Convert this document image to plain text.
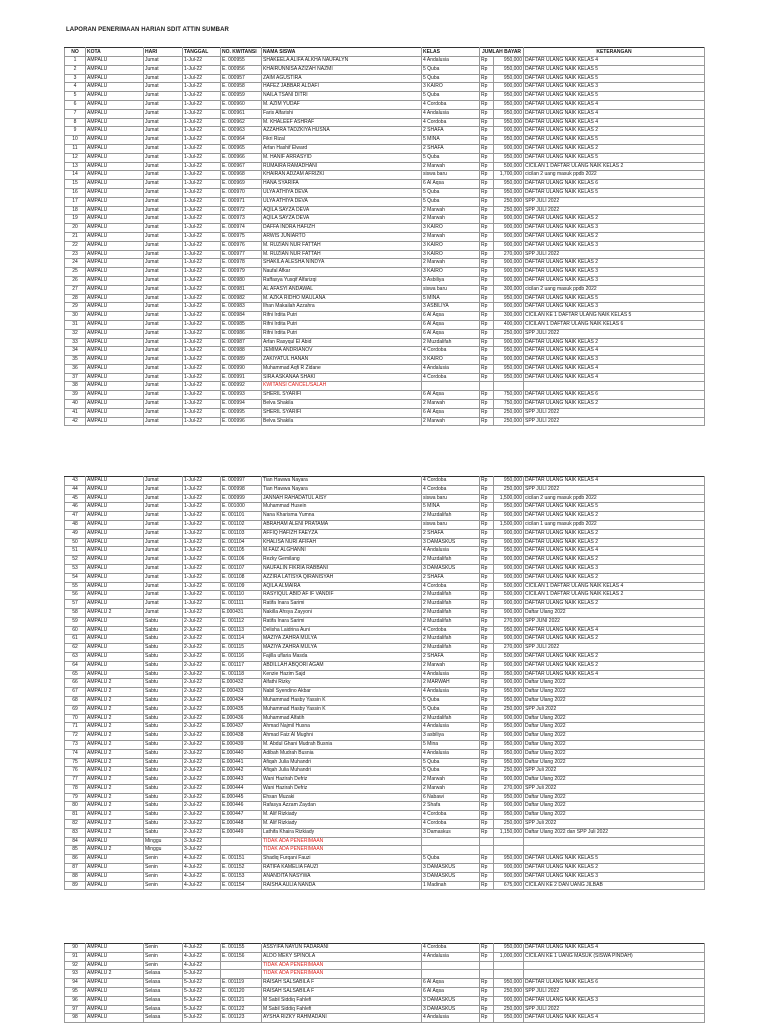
LAPORAN PENERIMAAN HARIAN SDIT ATTIN SUMBAR
NO	KOTA	HARI	TANGGAL	NO. KWITANSI	NAMA SISWA	KELAS	JUMLAH BAYAR		KETERANGAN
1	AMPALU	Jumat	1-Jul-22	E. 000955	SHAKEELA ALIFA ALKHA NAUFALYN	4 Andalusia	Rp	950,000	DAFTAR ULANG NAIK KELAS 4
2	AMPALU	Jumat	1-Jul-22	E. 000956	KHAIRUNNISA AZIZAH NAZMI	5 Quba	Rp	950,000	DAFTAR ULANG NAIK KELAS 5
3	AMPALU	Jumat	1-Jul-22	E. 000957	ZAIM AGUSTIRA	5 Quba	Rp	950,000	DAFTAR ULANG NAIK KELAS 5
4	AMPALU	Jumat	1-Jul-22	E. 000958	HAFEZ JABBAR ALDAFI	3 KAIRO	Rp	900,000	DAFTAR ULANG NAIK KELAS 3
5	AMPALU	Jumat	1-Jul-22	E. 000959	NAILA TSANI DITRI	5 Quba	Rp	950,000	DAFTAR ULANG NAIK KELAS 5
6	AMPALU	Jumat	1-Jul-22	E. 000960	M. AZIM YUDAF	4 Cordoba	Rp	950,000	DAFTAR ULANG NAIK KELAS 4
7	AMPALU	Jumat	1-Jul-22	E. 000961	Faris Alfarishi	4 Andalusia	Rp	950,000	DAFTAR ULANG NAIK KELAS 4
8	AMPALU	Jumat	1-Jul-22	E. 000962	M. KHALEEF ASHRAF	4 Cordoba	Rp	950,000	DAFTAR ULANG NAIK KELAS 4
9	AMPALU	Jumat	1-Jul-22	E. 000963	AZZAHRA TADZKIYA HUSNA	2 SHAFA	Rp	900,000	DAFTAR ULANG NAIK KELAS 2
10	AMPALU	Jumat	1-Jul-22	E. 000964	Fikri Rizal	5 MINA	Rp	950,000	DAFTAR ULANG NAIK KELAS 5
11	AMPALU	Jumat	1-Jul-22	E. 000965	Arfan Hashif Elward	2 SHAFA	Rp	900,000	DAFTAR ULANG NAIK KELAS 2
12	AMPALU	Jumat	1-Jul-22	E. 000966	M. HANIF ARRASYID	5 Quba	Rp	950,000	DAFTAR ULANG NAIK KELAS 5
13	AMPALU	Jumat	1-Jul-22	E. 000967	RUMAIRA RAMADHANI	2 Marwah	Rp	500,000	CICILAN 1 DAFTAR ULANG NAIK KELAS 2
14	AMPALU	Jumat	1-Jul-22	E. 000968	KHAIRAN ADZAM AFRIZKI	siswa baru	Rp	1,700,000	cicilan 2 uang masuk ppdb 2022
15	AMPALU	Jumat	1-Jul-22	E. 000969	HANA SYARIFA	6 Al Aqsa	Rp	950,000	DAFTAR ULANG NAIK KELAS 6
16	AMPALU	Jumat	1-Jul-22	E. 000970	ULYA ATHIYA DEVA	5 Quba	Rp	950,000	DAFTAR ULANG NAIK KELAS 5
17	AMPALU	Jumat	1-Jul-22	E. 000971	ULYA ATHIYA DEVA	5 Quba	Rp	250,000	SPP JULI 2022
18	AMPALU	Jumat	1-Jul-22	E. 000972	AQILA SAYZA DEVA	2 Marwah	Rp	250,000	SPP JULI 2022
19	AMPALU	Jumat	1-Jul-22	E. 000973	AQILA SAYZA DEVA	2 Marwah	Rp	900,000	DAFTAR ULANG NAIK KELAS 2
20	AMPALU	Jumat	1-Jul-22	E. 000974	DAFFA INDRA HAFIZH	3 KAIRO	Rp	900,000	DAFTAR ULANG NAIK KELAS 3
21	AMPALU	Jumat	1-Jul-22	E. 000975	ARWIS JUNIARTO	2 Marwah	Rp	900,000	DAFTAR ULANG NAIK KELAS 2
22	AMPALU	Jumat	1-Jul-22	E. 000976	M. RUZIAN NUR FATTAH	3 KAIRO	Rp	900,000	DAFTAR ULANG NAIK KELAS 3
23	AMPALU	Jumat	1-Jul-22	E. 000977	M. RUZIAN NUR FATTAH	3 KAIRO	Rp	270,000	SPP JULI 2022
24	AMPALU	Jumat	1-Jul-22	E. 000978	SHAKILA ALESHA NINDYA	2 Marwah	Rp	900,000	DAFTAR ULANG NAIK KELAS 2
25	AMPALU	Jumat	1-Jul-22	E. 000979	Naufal Afkar	3 KAIRO	Rp	900,000	DAFTAR ULANG NAIK KELAS 3
26	AMPALU	Jumat	1-Jul-22	E. 000980	Raffasya Yusqif Alfarizqi	3 Asbiliya	Rp	900,000	DAFTAR ULANG NAIK KELAS 3
27	AMPALU	Jumat	1-Jul-22	E. 000981	AL AFASYI ANDAWAL	siswa baru	Rp	300,000	cicilan 2 uang masuk ppdb 2022
28	AMPALU	Jumat	1-Jul-22	E. 000982	M. AZKA RIDHO MAULANA	5 MINA	Rp	950,000	DAFTAR ULANG NAIK KELAS 5
29	AMPALU	Jumat	1-Jul-22	E. 000983	Ilhan Makailah Azzahra	3 ASBILIYA	Rp	900,000	DAFTAR ULANG NAIK KELAS 3
30	AMPALU	Jumat	1-Jul-22	E. 000984	Rifni Irdita Putri	6 Al Aqsa	Rp	300,000	CICILAN KE 1 DAFTAR ULANG NAIK KELAS 5
31	AMPALU	Jumat	1-Jul-22	E. 000985	Rifni Irdita Putri	6 Al Aqsa	Rp	400,000	CICILAN 1 DAFTAR ULANG NAIK KELAS 6
32	AMPALU	Jumat	1-Jul-22	E. 000986	Rifni Irdita Putri	6 Al Aqsa	Rp	250,000	SPP JULI 2022
33	AMPALU	Jumat	1-Jul-22	E. 000987	Arfan Rasyqul El Abid	2 Muzdalifah	Rp	900,000	DAFTAR ULANG NAIK KELAS 2
34	AMPALU	Jumat	1-Jul-22	E. 000988	JEMIMA ANDRIANOV	4 Cordoba	Rp	950,000	DAFTAR ULANG NAIK KELAS 4
35	AMPALU	Jumat	1-Jul-22	E. 000989	ZAKIYATUL HANAN	3 KAIRO	Rp	900,000	DAFTAR ULANG NAIK KELAS 3
36	AMPALU	Jumat	1-Jul-22	E. 000990	Muhammad Aqfi R Zidane	4 Andalusia	Rp	950,000	DAFTAR ULANG NAIK KELAS 4
37	AMPALU	Jumat	1-Jul-22	E. 000991	SIRA ASKANAA SHAKI	4 Cordoba	Rp	950,000	DAFTAR ULANG NAIK KELAS 4
38	AMPALU	Jumat	1-Jul-22	E. 000992	KWITANSI CANCEL/SALAH				
39	AMPALU	Jumat	1-Jul-22	E. 000993	SHERIL SYARIFI	6 Al Aqsa	Rp	750,000	DAFTAR ULANG NAIK KELAS 6
40	AMPALU	Jumat	1-Jul-22	E. 000994	Belva Shakila	2 Marwah	Rp	750,000	DAFTAR ULANG NAIK KELAS 2
41	AMPALU	Jumat	1-Jul-22	E. 000995	SHERIL SYARIFI	6 Al Aqsa	Rp	250,000	SPP JULI 2022
42	AMPALU	Jumat	1-Jul-22	E. 000996	Belva Shakila	2 Marwah	Rp	250,000	SPP JULI 2022
43	AMPALU	Jumat	1-Jul-22	E. 000997	Tian Hawwa Nayara	4 Cordoba	Rp	950,000	DAFTAR ULANG NAIK KELAS 4
44	AMPALU	Jumat	1-Jul-22	E. 000998	Tian Hawwa Nayara	4 Cordoba	Rp	250,000	SPP JULI 2022
45	AMPALU	Jumat	1-Jul-22	E. 000999	JANNAH RAHADATUL AISY	siswa baru	Rp	1,500,000	cicilan 2 uang masuk ppdb 2022
46	AMPALU	Jumat	1-Jul-22	E. 001000	Muhammad Husein	5 MINA	Rp	950,000	DAFTAR ULANG NAIK KELAS 5
47	AMPALU	Jumat	1-Jul-22	E. 001101	Nana Kharisma Yumna	2 Muzdalifah	Rp	900,000	DAFTAR ULANG NAIK KELAS 2
48	AMPALU	Jumat	1-Jul-22	E. 001102	ABRAHAM ALENI PRATAMA	siswa baru	Rp	1,500,000	cicilan 1 uang masuk ppdb 2022
49	AMPALU	Jumat	1-Jul-22	E. 001103	AFFIQ HAFIZH FAEYZA	2 SHAFA	Rp	900,000	DAFTAR ULANG NAIK KELAS 2
50	AMPALU	Jumat	1-Jul-22	E. 001104	KHALISA NURI AFIFAH	3 DAMASKUS	Rp	900,000	DAFTAR ULANG NAIK KELAS 2
51	AMPALU	Jumat	1-Jul-22	E. 001105	M.FAIZ ALGHANNI	4 Andalusia	Rp	950,000	DAFTAR ULANG NAIK KELAS 4
52	AMPALU	Jumat	1-Jul-22	E. 001106	Rezky Gemilang	2 Muzdalifah	Rp	900,000	DAFTAR ULANG NAIK KELAS 2
53	AMPALU	Jumat	1-Jul-22	E. 001107	NAUFALIN FIKRIA RABBANI	3 DAMASKUS	Rp	900,000	DAFTAR ULANG NAIK KELAS 3
54	AMPALU	Jumat	1-Jul-22	E. 001108	AZZIRA LATISYA QIRANISYAH	2 SHAFA	Rp	900,000	DAFTAR ULANG NAIK KELAS 2
55	AMPALU	Jumat	1-Jul-22	E. 001109	AQILA ALMAIRA	4 Cordoba	Rp	500,000	CICILAN 1 DAFTAR ULANG NAIK KELAS 4
56	AMPALU	Jumat	1-Jul-22	E. 001110	RASYIQUL ABID AF IF VANDIF	2 Muzdalifah	Rp	500,000	CICILAN 1 DAFTAR ULANG NAIK KELAS 2
57	AMPALU	Jumat	1-Jul-22	E. 001111	Ratifa Inara Sarimi	2 Muzdalifah	Rp	900,000	DAFTAR ULANG NAIK KELAS 2
58	AMPALU 2	Jumat	1-Jul-22	E.000431	Nakilla Ahsya Zayyoni	2 Muzdalifah	Rp	900,000	Daftar Ulang 2022
59	AMPALU	Sabtu	2-Jul-22	E. 001112	Ratifa Inara Sarimi	2 Muzdalifah	Rp	270,000	SPP JUNI 2022
60	AMPALU	Sabtu	2-Jul-22	E. 001113	Delisha Laidrina Auni	4 Cordoba	Rp	950,000	DAFTAR ULANG NAIK KELAS 4
61	AMPALU	Sabtu	2-Jul-22	E. 001114	MAZIYA ZAHRA MULYA	2 Muzdalifah	Rp	900,000	DAFTAR ULANG NAIK KELAS 2
62	AMPALU	Sabtu	2-Jul-22	E. 001115	MAZIYA ZAHRA MULYA	2 Muzdalifah	Rp	270,000	SPP JULI 2022
63	AMPALU	Sabtu	2-Jul-22	E. 001116	Fajilla uflaria Masda	2 SHAFA	Rp	500,000	DAFTAR ULANG NAIK KELAS 2
64	AMPALU	Sabtu	2-Jul-22	E. 001117	ABDILLAH ABQORI AGAM	2 Marwah	Rp	900,000	DAFTAR ULANG NAIK KELAS 2
65	AMPALU	Sabtu	2-Jul-22	E. 001118	Kenzie Hazim Sajd	4 Andalusia	Rp	950,000	DAFTAR ULANG NAIK KELAS 4
66	AMPALU 2	Sabtu	2-Jul-22	E.000432	Alfathi Rizky	2 MARWAH	Rp	900,000	Daftar Ulang 2022
67	AMPALU 2	Sabtu	2-Jul-22	E.000433	Nabil Syendino Akbar	4 Andalusia	Rp	950,000	Daftar Ulang 2022
68	AMPALU 2	Sabtu	2-Jul-22	E.000434	Muhammad Hasby Yassin K	5 Quba	Rp	950,000	Daftar Ulang 2022
69	AMPALU 2	Sabtu	2-Jul-22	E.000435	Muhammad Hasby Yassin K	5 Quba	Rp	250,000	SPP Juli 2022
70	AMPALU 2	Sabtu	2-Jul-22	E.000436	Muhammad Alfatih	2 Muzdalifah	Rp	900,000	Daftar Ulang 2022
71	AMPALU 2	Sabtu	2-Jul-22	E.000437	Ahmad Najmil Husna	4 Andalusia	Rp	950,000	Daftar Ulang 2022
72	AMPALU 2	Sabtu	2-Jul-22	E.000438	Ahmad Faiz Al Mughni	3 asbiliya	Rp	900,000	Daftar Ulang 2022
73	AMPALU 2	Sabtu	2-Jul-22	E.000439	M. Abdul Ghani Mudrah Busnia	5 Mina	Rp	950,000	Daftar Ulang 2022
74	AMPALU 2	Sabtu	2-Jul-22	E.000440	Adibah Mudrah Busnia	4 Andalusia	Rp	950,000	Daftar Ulang 2022
75	AMPALU 2	Sabtu	2-Jul-22	E.000441	Afiqah Julia Muhandri	5 Quba	Rp	950,000	Daftar Ulang 2022
76	AMPALU 2	Sabtu	2-Jul-22	E.000442	Afiqah Julia Muhandri	5 Quba	Rp	250,000	SPP Juli 2022
77	AMPALU 2	Sabtu	2-Jul-22	E.000443	Wani Hazirah Defriz	2 Marwah	Rp	900,000	Daftar Ulang 2022
78	AMPALU 2	Sabtu	2-Jul-22	E.000444	Wani Hazirah Defriz	2 Marwah	Rp	270,000	SPP Juli 2022
79	AMPALU 2	Sabtu	2-Jul-22	E.000445	Ehsan Muzaki	6 Nabawi	Rp	950,000	Daftar Ulang 2022
80	AMPALU 2	Sabtu	2-Jul-22	E.000446	Rafasya Azzam Zaydan	2 Shafa	Rp	900,000	Daftar Ulang 2022
81	AMPALU 2	Sabtu	2-Jul-22	E.000447	M. Alif Rizkiady	4 Cordoba	Rp	950,000	Daftar Ulang 2022
82	AMPALU 2	Sabtu	2-Jul-22	E.000448	M. Alif Rizkiady	4 Cordoba	Rp	250,000	SPP Juli 2022
83	AMPALU 2	Sabtu	2-Jul-22	E.000449	Lathifa Khaira Rizkiady	3 Damaskus	Rp	1,150,000	Daftar Ulang 2022 dan SPP Juli 2022
84	AMPALU	Minggu	3-Jul-22		TIDAK ADA PENERIMAAN				
85	AMPALU 2	Minggu	3-Jul-22		TIDAK ADA PENERIMAAN				
86	AMPALU	Senin	4-Jul-22	E. 001151	Shadiq Furqani Fauzi	5 Quba	Rp	950,000	DAFTAR ULANG NAIK KELAS 5
87	AMPALU	Senin	4-Jul-22	E. 001152	RATIFA KAMELIA FAUZI	3 DAMASKUS	Rp	900,000	DAFTAR ULANG NAIK KELAS 2
88	AMPALU	Senin	4-Jul-22	E. 001153	ANANDITA NASYWA	3 DAMASKUS	Rp	900,000	DAFTAR ULANG NAIK KELAS 3
89	AMPALU	Senin	4-Jul-22	E. 001154	RAISHA AULIA NANDA	1 Madinah	Rp	675,000	CICILAN KE 2 DAN UANG JILBAB
90	AMPALU	Senin	4-Jul-22	E. 001155	ASSYIFA NAYUN FADARANI	4 Cordoba	Rp	950,000	DAFTAR ULANG NAIK KELAS 4
91	AMPALU	Senin	4-Jul-22	E. 001156	ALDO MEKY SPINOLA	4 Andalusia	Rp	1,000,000	CICILAN KE 1 UANG MASUK (SISWA PINDAH)
92	AMPALU	Senin	4-Jul-22		TIDAK ADA PENERIMAAN				
93	AMPALU 2	Selasa	5-Jul-22		TIDAK ADA PENERIMAAN				
94	AMPALU	Selasa	5-Jul-22	E. 001119	RAISAH SALSABILA F	6 Al Aqsa	Rp	950,000	DAFTAR ULANG NAIK KELAS 6
95	AMPALU	Selasa	5-Jul-22	E. 001120	RAISAH SALSABILA F	6 Al Aqsa	Rp	250,000	SPP JULI 2022
96	AMPALU	Selasa	5-Jul-22	E. 001121	M Sabil Siddiq Fahlefi	3 DAMASKUS	Rp	900,000	DAFTAR ULANG NAIK KELAS 3
97	AMPALU	Selasa	5-Jul-22	E. 001122	M Sabil Siddiq Fahlefi	3 DAMASKUS	Rp	250,000	SPP JULI 2022
98	AMPALU	Selasa	5-Jul-22	E. 001123	AYSHA RIZKY RAHMADANI	4 Andalusia	Rp	950,000	DAFTAR ULANG NAIK KELAS 4
